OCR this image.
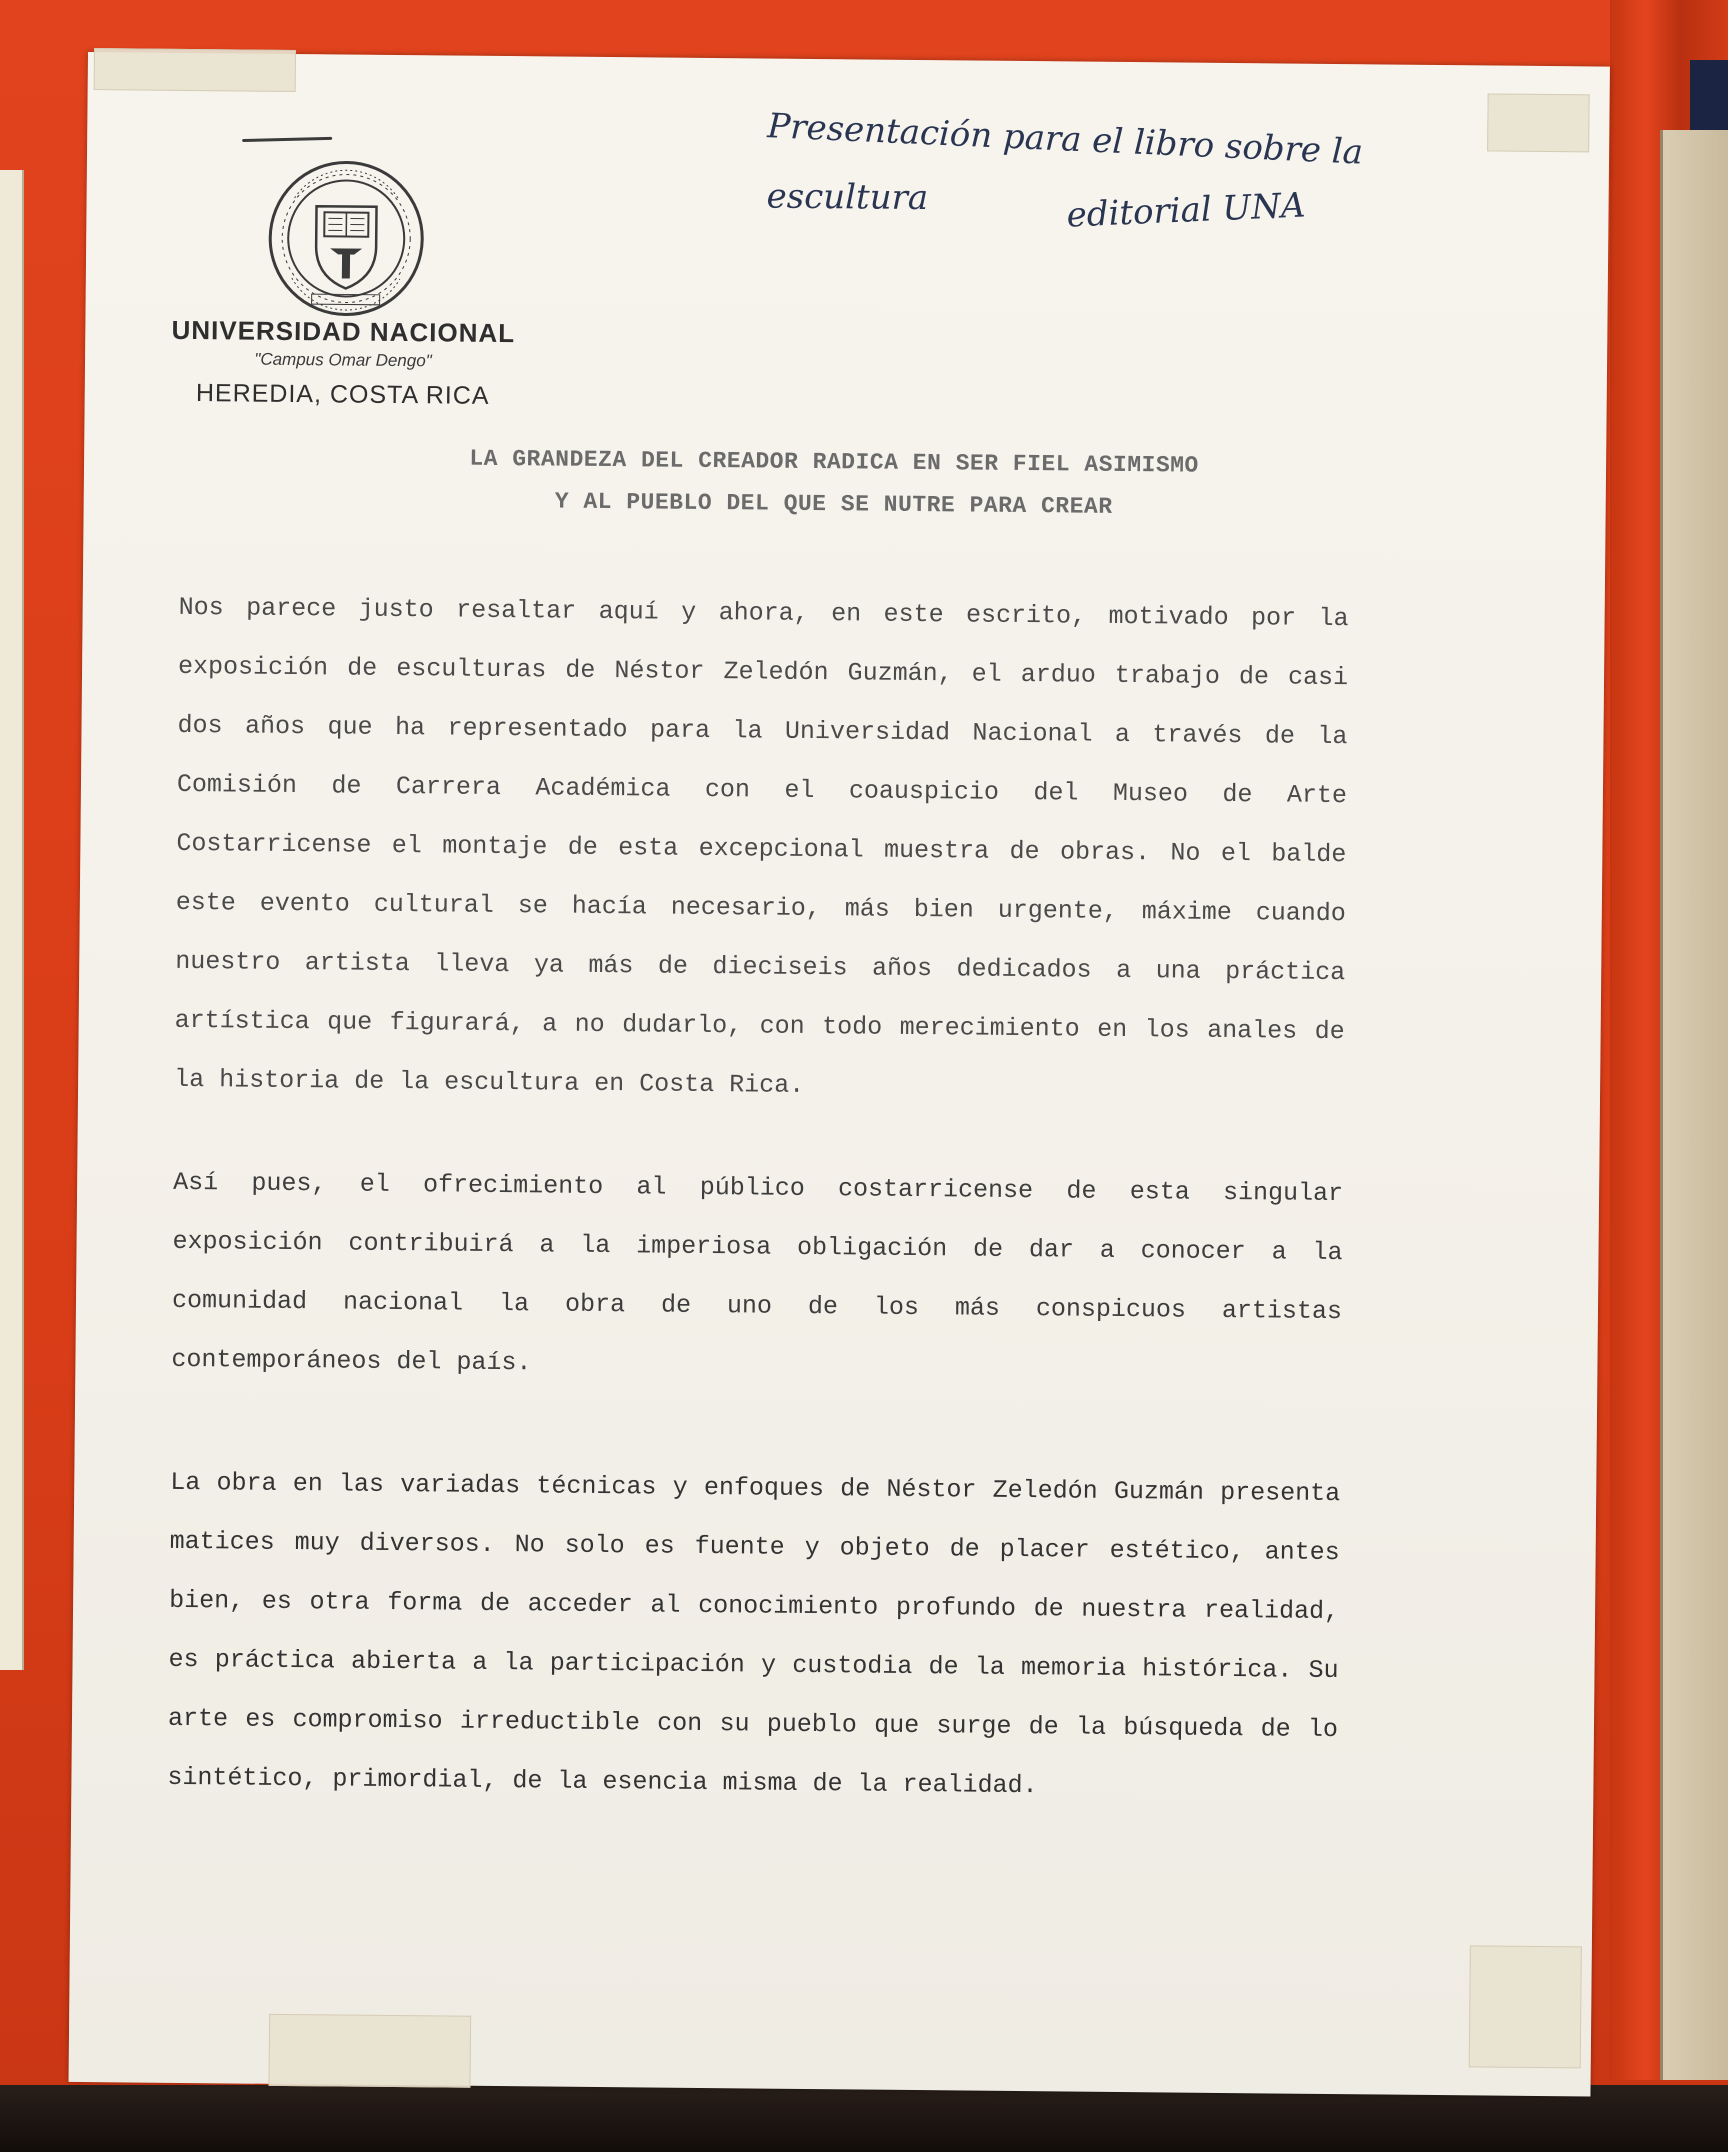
UNIVERSIDAD NACIONAL
"Campus Omar Dengo"
HEREDIA, COSTA RICA
Presentación para el libro sobre la
escultura	editorial UNA
LA GRANDEZA DEL CREADOR RADICA EN SER FIEL ASIMISMO
Y AL PUEBLO DEL QUE SE NUTRE PARA CREAR
Nos parece justo resaltar aquí y ahora, en este escrito, motivado por la exposición de esculturas de Néstor Zeledón Guzmán, el arduo trabajo de casi dos años que ha representado para la Universidad Nacional a través de la Comisión de Carrera Académica con el coauspicio del Museo de Arte Costarricense el montaje de esta excepcional muestra de obras. No el balde este evento cultural se hacía necesario, más bien urgente, máxime cuando nuestro artista lleva ya más de dieciseis años dedicados a una práctica artística que figurará, a no dudarlo, con todo merecimiento en los anales de la historia de la escultura en Costa Rica.
Así pues, el ofrecimiento al público costarricense de esta singular exposición contribuirá a la imperiosa obligación de dar a conocer a la comunidad nacional la obra de uno de los más conspicuos artistas contemporáneos del país.
La obra en las variadas técnicas y enfoques de Néstor Zeledón Guzmán presenta matices muy diversos. No solo es fuente y objeto de placer estético, antes bien, es otra forma de acceder al conocimiento profundo de nuestra realidad, es práctica abierta a la participación y custodia de la memoria histórica. Su arte es compromiso irreductible con su pueblo que surge de la búsqueda de lo sintético, primordial, de la esencia misma de la realidad.
